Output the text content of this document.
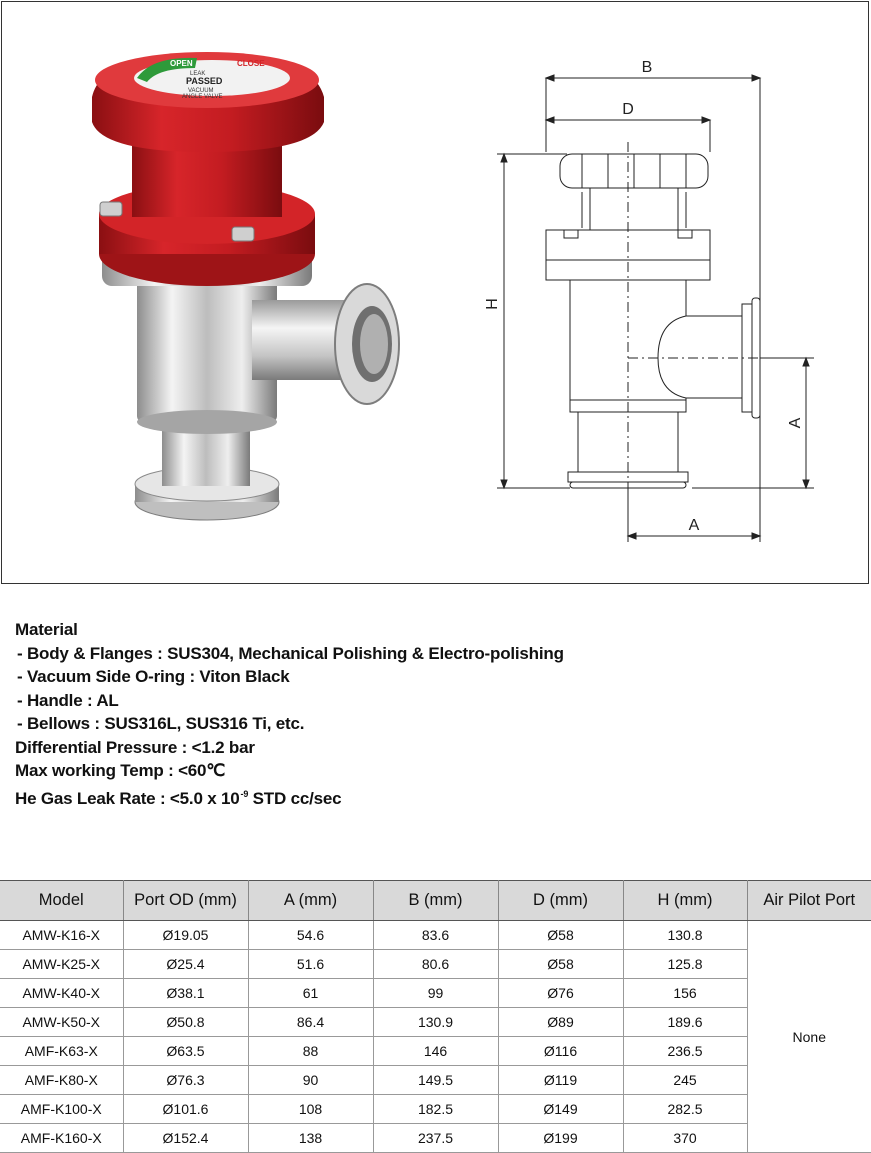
OPEN	CLOSE
LEAK
PASSED
VACUUM
ANGLE VALVE
B
D
H
A
A
Material
- Body & Flanges : SUS304, Mechanical Polishing & Electro-polishing
- Vacuum Side O-ring : Viton Black
- Handle : AL
- Bellows : SUS316L, SUS316 Ti, etc.
Differential Pressure : <1.2 bar
Max working Temp : <60℃
He Gas Leak Rate : <5.0 x $10^{-9}$ STD cc/sec
Model	Port OD (mm)	A (mm)	B (mm)	D (mm)	H (mm)	Air Pilot Port
AMW-K16-X	Ø19.05	54.6	83.6	Ø58	130.8	None
AMW-K25-X	Ø25.4	51.6	80.6	Ø58	125.8	
AMW-K40-X	Ø38.1	61	99	Ø76	156	
AMW-K50-X	Ø50.8	86.4	130.9	Ø89	189.6	
AMF-K63-X	Ø63.5	88	146	Ø116	236.5	
AMF-K80-X	Ø76.3	90	149.5	Ø119	245	
AMF-K100-X	Ø101.6	108	182.5	Ø149	282.5	
AMF-K160-X	Ø152.4	138	237.5	Ø199	370	
